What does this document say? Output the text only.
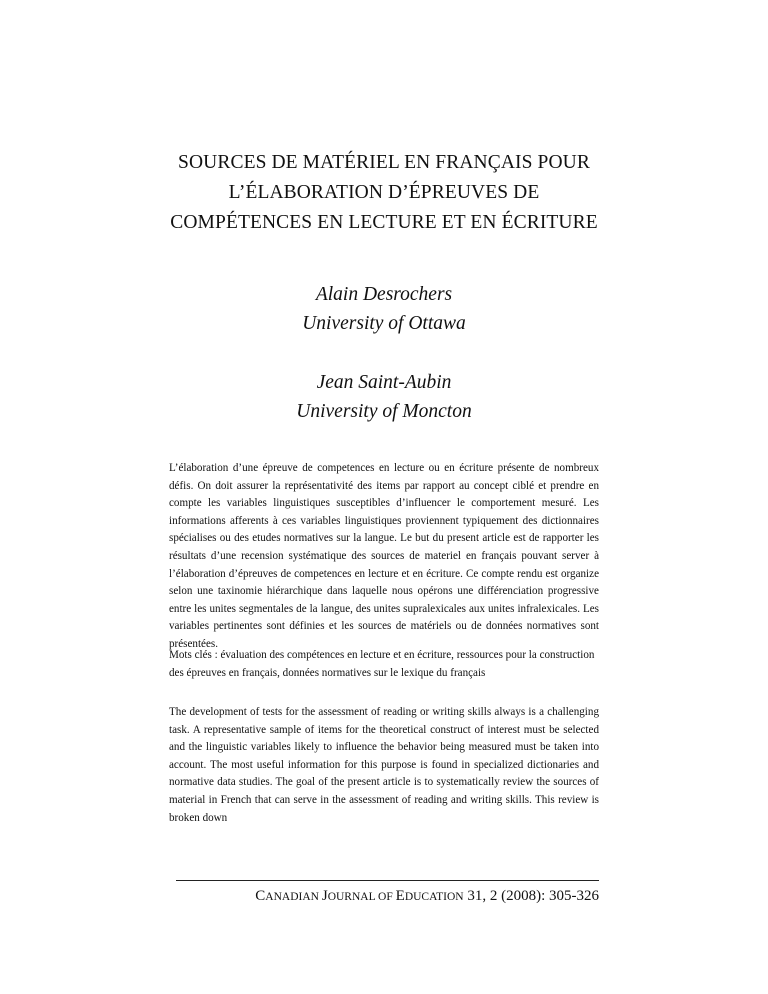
SOURCES DE MATÉRIEL EN FRANÇAIS POUR
L’ÉLABORATION D’ÉPREUVES DE
COMPÉTENCES EN LECTURE ET EN ÉCRITURE
Alain Desrochers
University of Ottawa
Jean Saint-Aubin
University of Moncton

L’élaboration d’une épreuve de competences en lecture ou en écriture présente de nombreux défis. On doit assurer la représentativité des items par rapport au concept ciblé et prendre en compte les variables linguistiques susceptibles d’influencer le comportement mesuré. Les informations afferents à ces variables linguistiques proviennent typiquement des dictionnaires spécialises ou des etudes normatives sur la langue. Le but du present article est de rapporter les résultats d’une recension systématique des sources de materiel en français pouvant server à l’élaboration d’épreuves de competences en lecture et en écriture. Ce compte rendu est organize selon une taxinomie hiérarchique dans laquelle nous opérons une différenciation progressive entre les unites segmentales de la langue, des unites supralexicales aux unites infralexicales. Les variables pertinentes sont définies et les sources de matériels ou de données normatives sont présentées.

Mots clés : évaluation des compétences en lecture et en écriture, ressources pour la construction des épreuves en français, données normatives sur le lexique du français

The development of tests for the assessment of reading or writing skills always is a challenging task. A representative sample of items for the theoretical construct of interest must be selected and the linguistic variables likely to influence the behavior being measured must be taken into account. The most useful information for this purpose is found in specialized dictionaries and normative data studies. The goal of the present article is to systematically review the sources of material in French that can serve in the assessment of reading and writing skills. This review is broken down

CANADIAN JOURNAL OF EDUCATION 31, 2 (2008): 305-326
